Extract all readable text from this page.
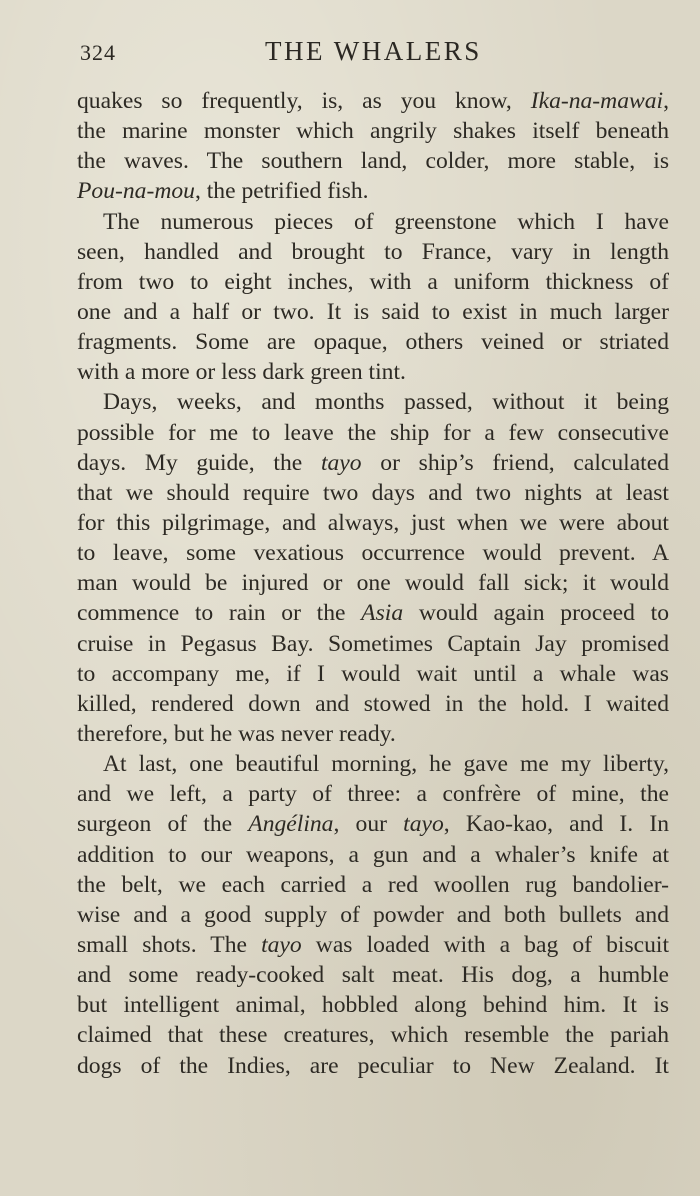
324	THE WHALERS
quakes so frequently, is, as you know, Ika-na-mawai,
the marine monster which angrily shakes itself beneath
the waves. The southern land, colder, more stable, is
Pou-na-mou, the petrified fish.
The numerous pieces of greenstone which I have
seen, handled and brought to France, vary in length
from two to eight inches, with a uniform thickness of
one and a half or two. It is said to exist in much larger
fragments. Some are opaque, others veined or striated
with a more or less dark green tint.
Days, weeks, and months passed, without it being
possible for me to leave the ship for a few consecutive
days. My guide, the tayo or ship’s friend, calculated
that we should require two days and two nights at least
for this pilgrimage, and always, just when we were about
to leave, some vexatious occurrence would prevent. A
man would be injured or one would fall sick; it would
commence to rain or the Asia would again proceed to
cruise in Pegasus Bay. Sometimes Captain Jay promised
to accompany me, if I would wait until a whale was
killed, rendered down and stowed in the hold. I waited
therefore, but he was never ready.
At last, one beautiful morning, he gave me my liberty,
and we left, a party of three: a confrère of mine, the
surgeon of the Angélina, our tayo, Kao-kao, and I. In
addition to our weapons, a gun and a whaler’s knife at
the belt, we each carried a red woollen rug bandolier-
wise and a good supply of powder and both bullets and
small shots. The tayo was loaded with a bag of biscuit
and some ready-cooked salt meat. His dog, a humble
but intelligent animal, hobbled along behind him. It is
claimed that these creatures, which resemble the pariah
dogs of the Indies, are peculiar to New Zealand. It
